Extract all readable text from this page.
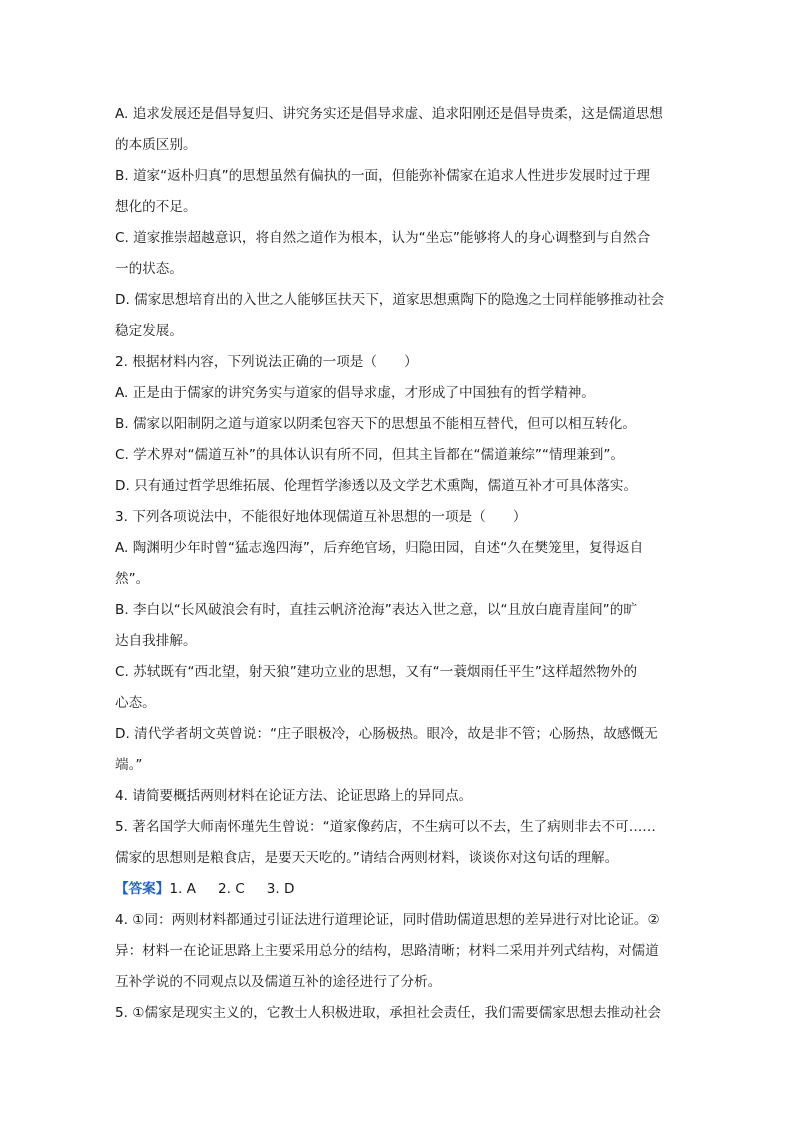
A. 追求发展还是倡导复归、讲究务实还是倡导求虚、追求阳刚还是倡导贵柔，这是儒道思想
的本质区别。
B. 道家“返朴归真”的思想虽然有偏执的一面，但能弥补儒家在追求人性进步发展时过于理
想化的不足。
C. 道家推崇超越意识，将自然之道作为根本，认为“坐忘”能够将人的身心调整到与自然合
一的状态。
D. 儒家思想培育出的入世之人能够匡扶天下，道家思想熏陶下的隐逸之士同样能够推动社会
稳定发展。
2. 根据材料内容，下列说法正确的一项是（　　）
A. 正是由于儒家的讲究务实与道家的倡导求虚，才形成了中国独有的哲学精神。
B. 儒家以阳制阴之道与道家以阴柔包容天下的思想虽不能相互替代，但可以相互转化。
C. 学术界对“儒道互补”的具体认识有所不同，但其主旨都在“儒道兼综”“情理兼到”。
D. 只有通过哲学思维拓展、伦理哲学渗透以及文学艺术熏陶，儒道互补才可具体落实。
3. 下列各项说法中，不能很好地体现儒道互补思想的一项是（　　）
A. 陶渊明少年时曾“猛志逸四海”，后弃绝官场，归隐田园，自述“久在樊笼里，复得返自
然”。
B. 李白以“长风破浪会有时，直挂云帆济沧海”表达入世之意，以“且放白鹿青崖间”的旷
达自我排解。
C. 苏轼既有“西北望，射天狼”建功立业的思想，又有“一蓑烟雨任平生”这样超然物外的
心态。
D. 清代学者胡文英曾说：“庄子眼极冷，心肠极热。眼冷，故是非不管；心肠热，故感慨无
端。”
4. 请简要概括两则材料在论证方法、论证思路上的异同点。
5. 著名国学大师南怀瑾先生曾说：“道家像药店，不生病可以不去，生了病则非去不可……
儒家的思想则是粮食店，是要天天吃的。”请结合两则材料，谈谈你对这句话的理解。
【答案】1. A 2. C 3. D
4. ①同：两则材料都通过引证法进行道理论证，同时借助儒道思想的差异进行对比论证。②
异：材料一在论证思路上主要采用总分的结构，思路清晰；材料二采用并列式结构，对儒道
互补学说的不同观点以及儒道互补的途径进行了分析。
5. ①儒家是现实主义的，它教士人积极进取，承担社会责任，我们需要儒家思想去推动社会
